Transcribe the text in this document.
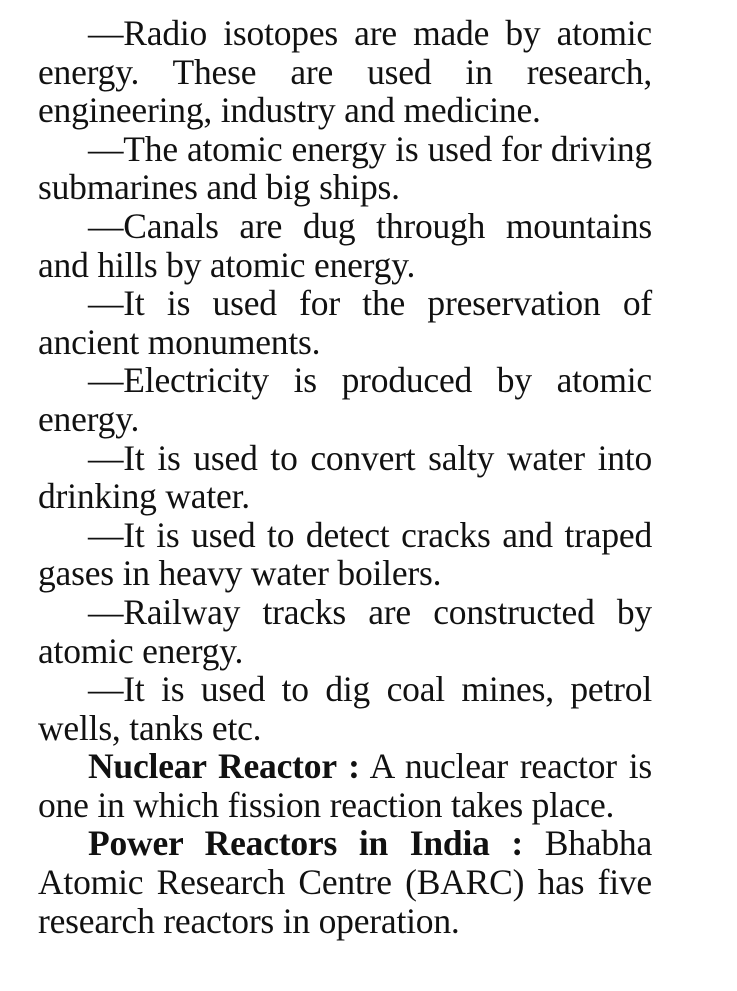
—Radio isotopes are made by atomic energy. These are used in research, engineering, industry and medicine.

—The atomic energy is used for driving submarines and big ships.

—Canals are dug through mountains and hills by atomic energy.

—It is used for the preservation of ancient monuments.

—Electricity is produced by atomic energy.

—It is used to convert salty water into drinking water.

—It is used to detect cracks and traped gases in heavy water boilers.

—Railway tracks are constructed by atomic energy.

—It is used to dig coal mines, petrol wells, tanks etc.

Nuclear Reactor : A nuclear reactor is one in which fission reaction takes place.

Power Reactors in India : Bhabha Atomic Research Centre (BARC) has five research reactors in operation.
